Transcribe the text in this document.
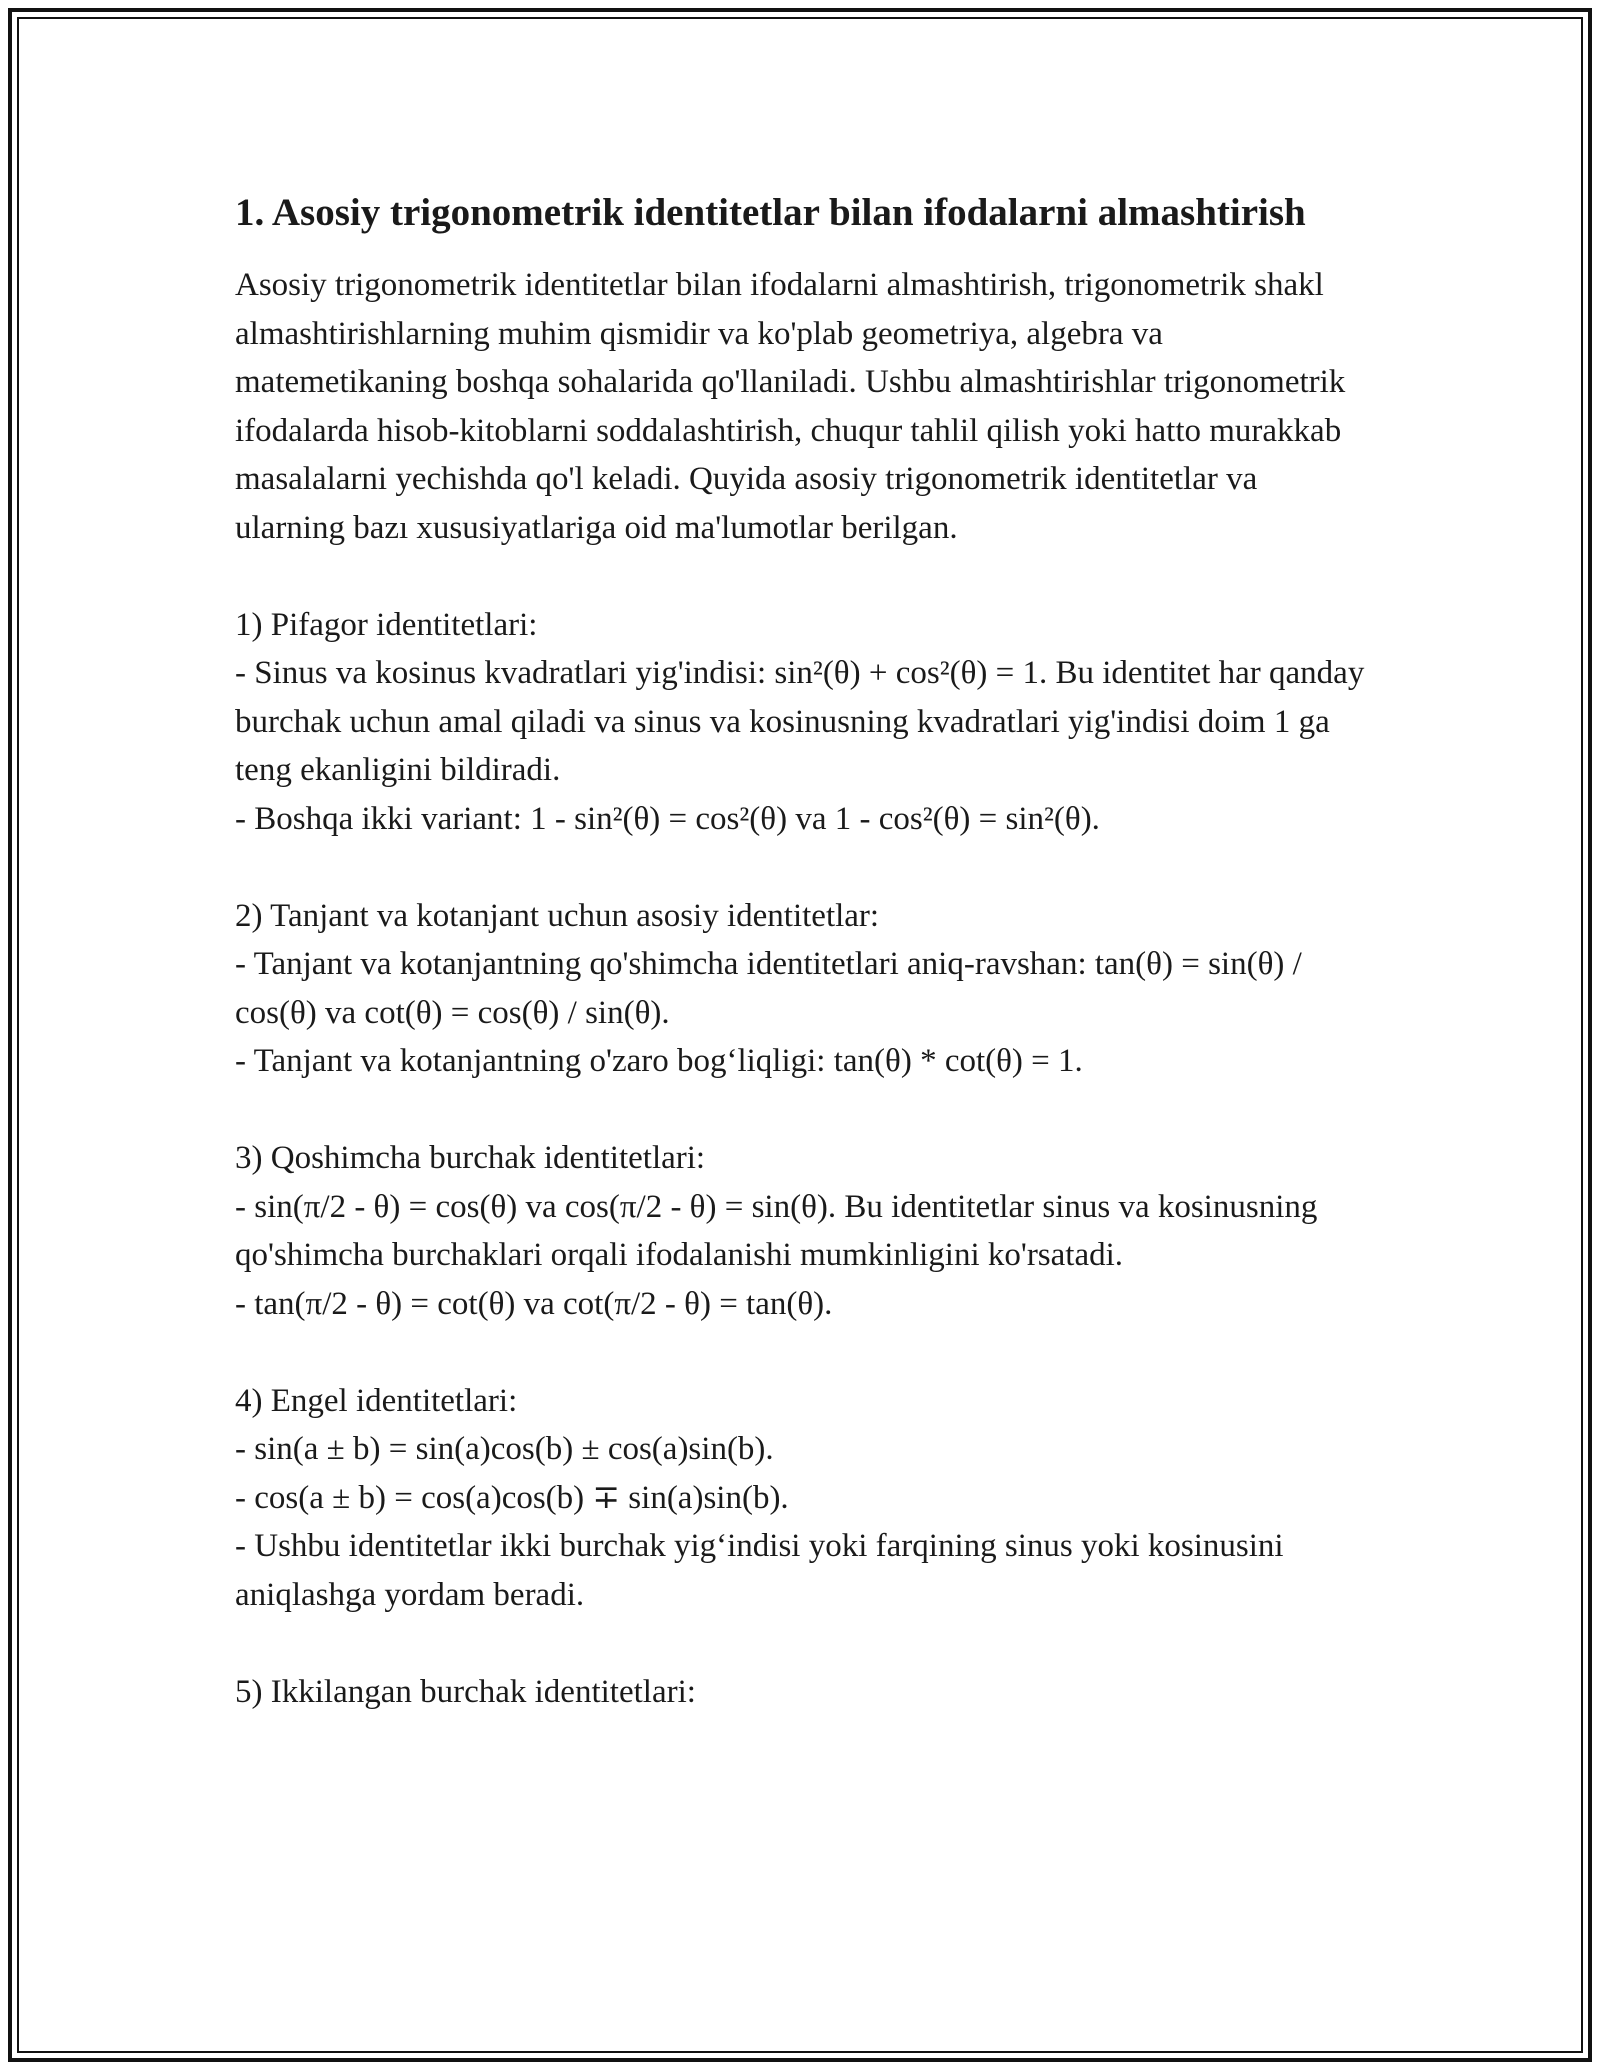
1. Asosiy trigonometrik identitetlar bilan ifodalarni almashtirish

Asosiy trigonometrik identitetlar bilan ifodalarni almashtirish, trigonometrik shakl almashtirishlarning muhim qismidir va ko'plab geometriya, algebra va matemetikaning boshqa sohalarida qo'llaniladi. Ushbu almashtirishlar trigonometrik ifodalarda hisob-kitoblarni soddalashtirish, chuqur tahlil qilish yoki hatto murakkab masalalarni yechishda qo'l keladi. Quyida asosiy trigonometrik identitetlar va ularning bazı xususiyatlariga oid ma'lumotlar berilgan.

1) Pifagor identitetlari:
- Sinus va kosinus kvadratlari yig'indisi: sin²(θ) + cos²(θ) = 1. Bu identitet har qanday burchak uchun amal qiladi va sinus va kosinusning kvadratlari yig'indisi doim 1 ga teng ekanligini bildiradi.
- Boshqa ikki variant: 1 - sin²(θ) = cos²(θ) va 1 - cos²(θ) = sin²(θ).
2) Tanjant va kotanjant uchun asosiy identitetlar:
- Tanjant va kotanjantning qo'shimcha identitetlari aniq-ravshan: tan(θ) = sin(θ) / cos(θ) va cot(θ) = cos(θ) / sin(θ).
- Tanjant va kotanjantning o'zaro bog‘liqligi: tan(θ) * cot(θ) = 1.
3) Qoshimcha burchak identitetlari:
- sin(π/2 - θ) = cos(θ) va cos(π/2 - θ) = sin(θ). Bu identitetlar sinus va kosinusning qo'shimcha burchaklari orqali ifodalanishi mumkinligini ko'rsatadi.
- tan(π/2 - θ) = cot(θ) va cot(π/2 - θ) = tan(θ).
4) Engel identitetlari:
- sin(a ± b) = sin(a)cos(b) ± cos(a)sin(b).
- cos(a ± b) = cos(a)cos(b) ∓ sin(a)sin(b).
- Ushbu identitetlar ikki burchak yig‘indisi yoki farqining sinus yoki kosinusini aniqlashga yordam beradi.
5) Ikkilangan burchak identitetlari:
